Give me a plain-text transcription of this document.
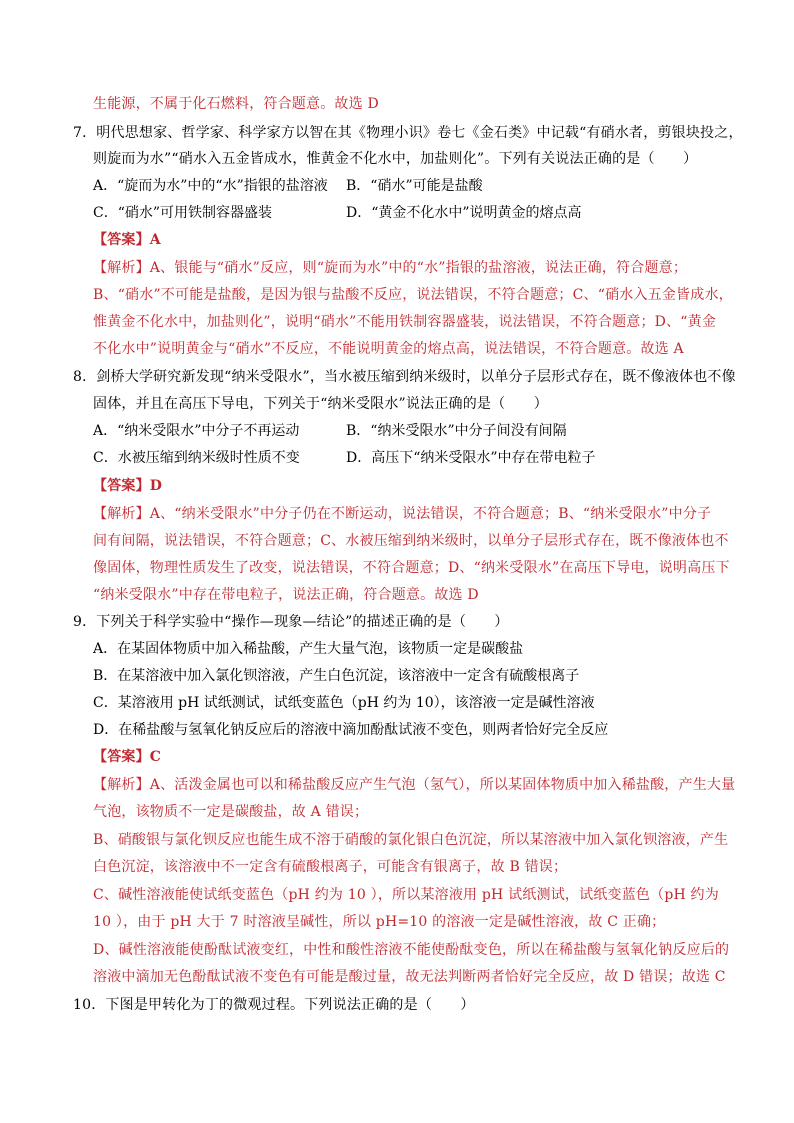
生能源，不属于化石燃料，符合题意。故选 D
7．明代思想家、哲学家、科学家方以智在其《物理小识》卷七《金石类》中记载“有硝水者，剪银块投之，
则旋而为水”“硝水入五金皆成水，惟黄金不化水中，加盐则化”。下列有关说法正确的是（　　）
A．“旋而为水”中的“水”指银的盐溶液 B．“硝水”可能是盐酸
C．“硝水”可用铁制容器盛装	D．“黄金不化水中”说明黄金的熔点高
【答案】A
【解析】A、银能与“硝水”反应，则“旋而为水”中的“水”指银的盐溶液，说法正确，符合题意；
B、“硝水”不可能是盐酸，是因为银与盐酸不反应，说法错误，不符合题意；C、“硝水入五金皆成水，
惟黄金不化水中，加盐则化”，说明“硝水”不能用铁制容器盛装，说法错误，不符合题意；D、“黄金
不化水中”说明黄金与“硝水”不反应，不能说明黄金的熔点高，说法错误，不符合题意。故选 A
8．剑桥大学研究新发现“纳米受限水”，当水被压缩到纳米级时，以单分子层形式存在，既不像液体也不像
固体，并且在高压下导电，下列关于“纳米受限水”说法正确的是（　　）
A．“纳米受限水”中分子不再运动	B．“纳米受限水”中分子间没有间隔
C．水被压缩到纳米级时性质不变	D．高压下“纳米受限水”中存在带电粒子
【答案】D
【解析】A、“纳米受限水”中分子仍在不断运动，说法错误，不符合题意；B、“纳米受限水”中分子
间有间隔，说法错误，不符合题意；C、水被压缩到纳米级时，以单分子层形式存在，既不像液体也不
像固体，物理性质发生了改变，说法错误，不符合题意；D、“纳米受限水”在高压下导电，说明高压下
“纳米受限水”中存在带电粒子，说法正确，符合题意。故选 D
9．下列关于科学实验中“操作—现象—结论”的描述正确的是（　　）
A．在某固体物质中加入稀盐酸，产生大量气泡，该物质一定是碳酸盐
B．在某溶液中加入氯化钡溶液，产生白色沉淀，该溶液中一定含有硫酸根离子
C．某溶液用 pH 试纸测试，试纸变蓝色（pH 约为 10），该溶液一定是碱性溶液
D．在稀盐酸与氢氧化钠反应后的溶液中滴加酚酞试液不变色，则两者恰好完全反应
【答案】C
【解析】A、活泼金属也可以和稀盐酸反应产生气泡（氢气），所以某固体物质中加入稀盐酸，产生大量
气泡，该物质不一定是碳酸盐，故 A 错误；
B、硝酸银与氯化钡反应也能生成不溶于硝酸的氯化银白色沉淀，所以某溶液中加入氯化钡溶液，产生
白色沉淀，该溶液中不一定含有硫酸根离子，可能含有银离子，故 B 错误；
C、碱性溶液能使试纸变蓝色（pH 约为 10 ），所以某溶液用 pH 试纸测试，试纸变蓝色（pH 约为
10 ），由于 pH 大于 7 时溶液呈碱性，所以 pH=10 的溶液一定是碱性溶液，故 C 正确；
D、碱性溶液能使酚酞试液变红，中性和酸性溶液不能使酚酞变色，所以在稀盐酸与氢氧化钠反应后的
溶液中滴加无色酚酞试液不变色有可能是酸过量，故无法判断两者恰好完全反应，故 D 错误；故选 C
10．下图是甲转化为丁的微观过程。下列说法正确的是（　　）
